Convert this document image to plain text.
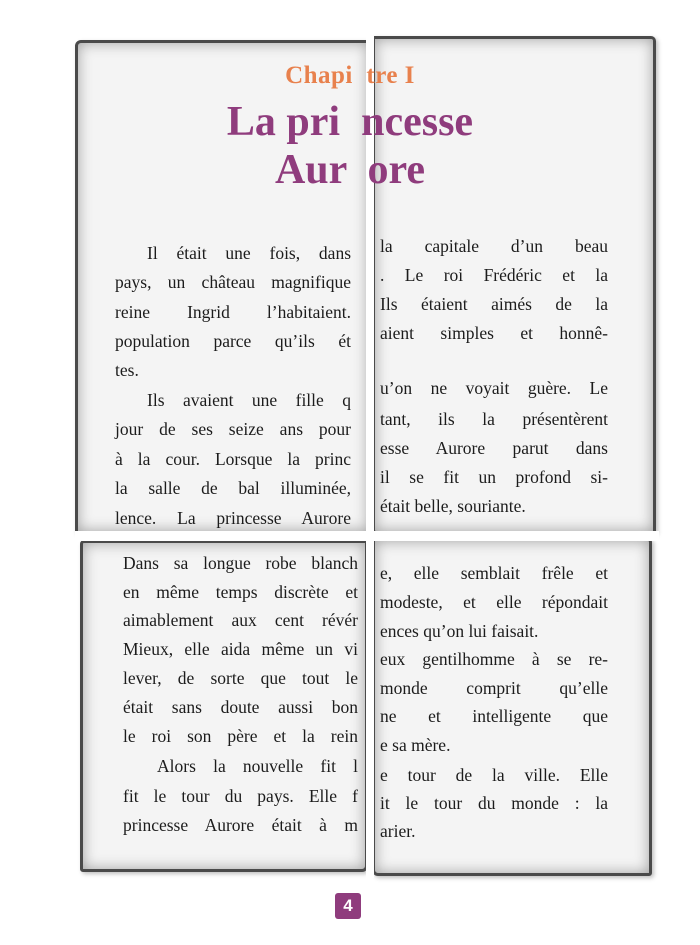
Chapi  tre I
La pri  ncesse
Aur  ore
Il était une fois, dans
pays, un château magnifique
reine Ingrid l’habitaient.
population parce qu’ils ét
tes.
Ils avaient une fille q
jour de ses seize ans pour
à la cour. Lorsque la princ
la salle de bal illuminée,
lence. La princesse Aurore
la capitale d’un beau
. Le roi Frédéric et la
Ils étaient aimés de la
aient simples et honnê-
u’on ne voyait guère. Le
tant, ils la présentèrent
esse Aurore parut dans
il se fit un profond si-
était belle, souriante.
Dans sa longue robe blanch
en même temps discrète et
aimablement aux cent révér
Mieux, elle aida même un vi
lever, de sorte que tout le
était sans doute aussi bon
le roi son père et la rein
Alors la nouvelle fit l
fit le tour du pays. Elle f
princesse Aurore était à m
e, elle semblait frêle et
modeste, et elle répondait
ences qu’on lui faisait.
eux gentilhomme à se re-
monde comprit qu’elle
ne et intelligente que
e sa mère.
e tour de la ville. Elle
it le tour du monde : la
arier.
4
